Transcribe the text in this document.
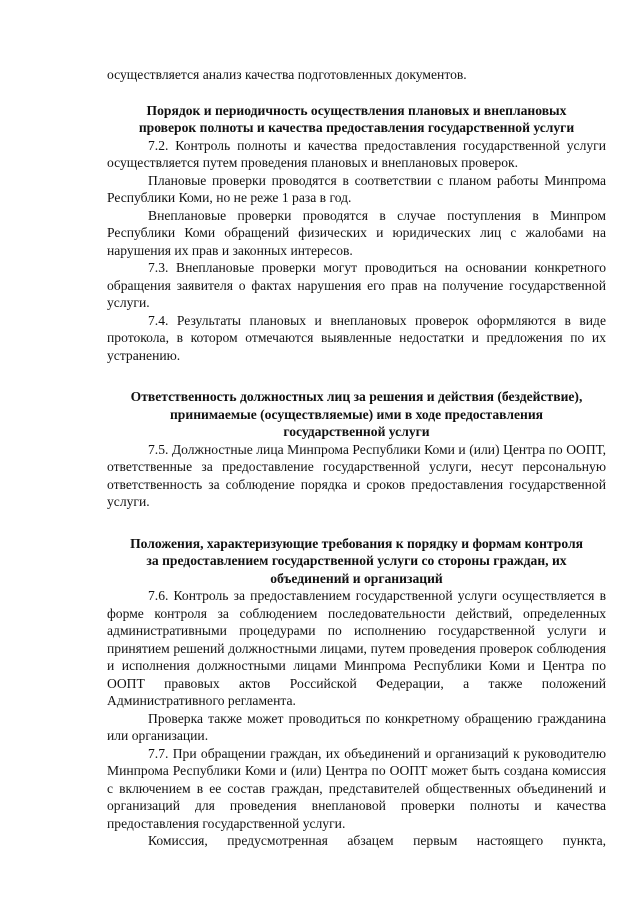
осуществляется анализ качества подготовленных документов.

Порядок и периодичность осуществления плановых и внеплановых
проверок полноты и качества предоставления государственной услуги

7.2. Контроль полноты и качества предоставления государственной услуги осуществляется путем проведения плановых и внеплановых проверок.

Плановые проверки проводятся в соответствии с планом работы Минпрома Республики Коми, но не реже 1 раза в год.

Внеплановые проверки проводятся в случае поступления в Минпром Республики Коми обращений физических и юридических лиц с жалобами на нарушения их прав и законных интересов.

7.3. Внеплановые проверки могут проводиться на основании конкретного обращения заявителя о фактах нарушения его прав на получение государственной услуги.

7.4. Результаты плановых и внеплановых проверок оформляются в виде протокола, в котором отмечаются выявленные недостатки и предложения по их устранению.

Ответственность должностных лиц за решения и действия (бездействие),
принимаемые (осуществляемые) ими в ходе предоставления
государственной услуги

7.5. Должностные лица Минпрома Республики Коми и (или) Центра по ООПТ, ответственные за предоставление государственной услуги, несут персональную ответственность за соблюдение порядка и сроков предоставления государственной услуги.

Положения, характеризующие требования к порядку и формам контроля
за предоставлением государственной услуги со стороны граждан, их
объединений и организаций

7.6. Контроль за предоставлением государственной услуги осуществляется в форме контроля за соблюдением последовательности действий, определенных административными процедурами по исполнению государственной услуги и принятием решений должностными лицами, путем проведения проверок соблюдения и исполнения должностными лицами Минпрома Республики Коми и Центра по ООПТ правовых актов Российской Федерации, а также положений Административного регламента.

Проверка также может проводиться по конкретному обращению гражданина или организации.

7.7. При обращении граждан, их объединений и организаций к руководителю Минпрома Республики Коми и (или) Центра по ООПТ может быть создана комиссия с включением в ее состав граждан, представителей общественных объединений и организаций для проведения внеплановой проверки полноты и качества предоставления государственной услуги.

Комиссия, предусмотренная абзацем первым настоящего пункта,
